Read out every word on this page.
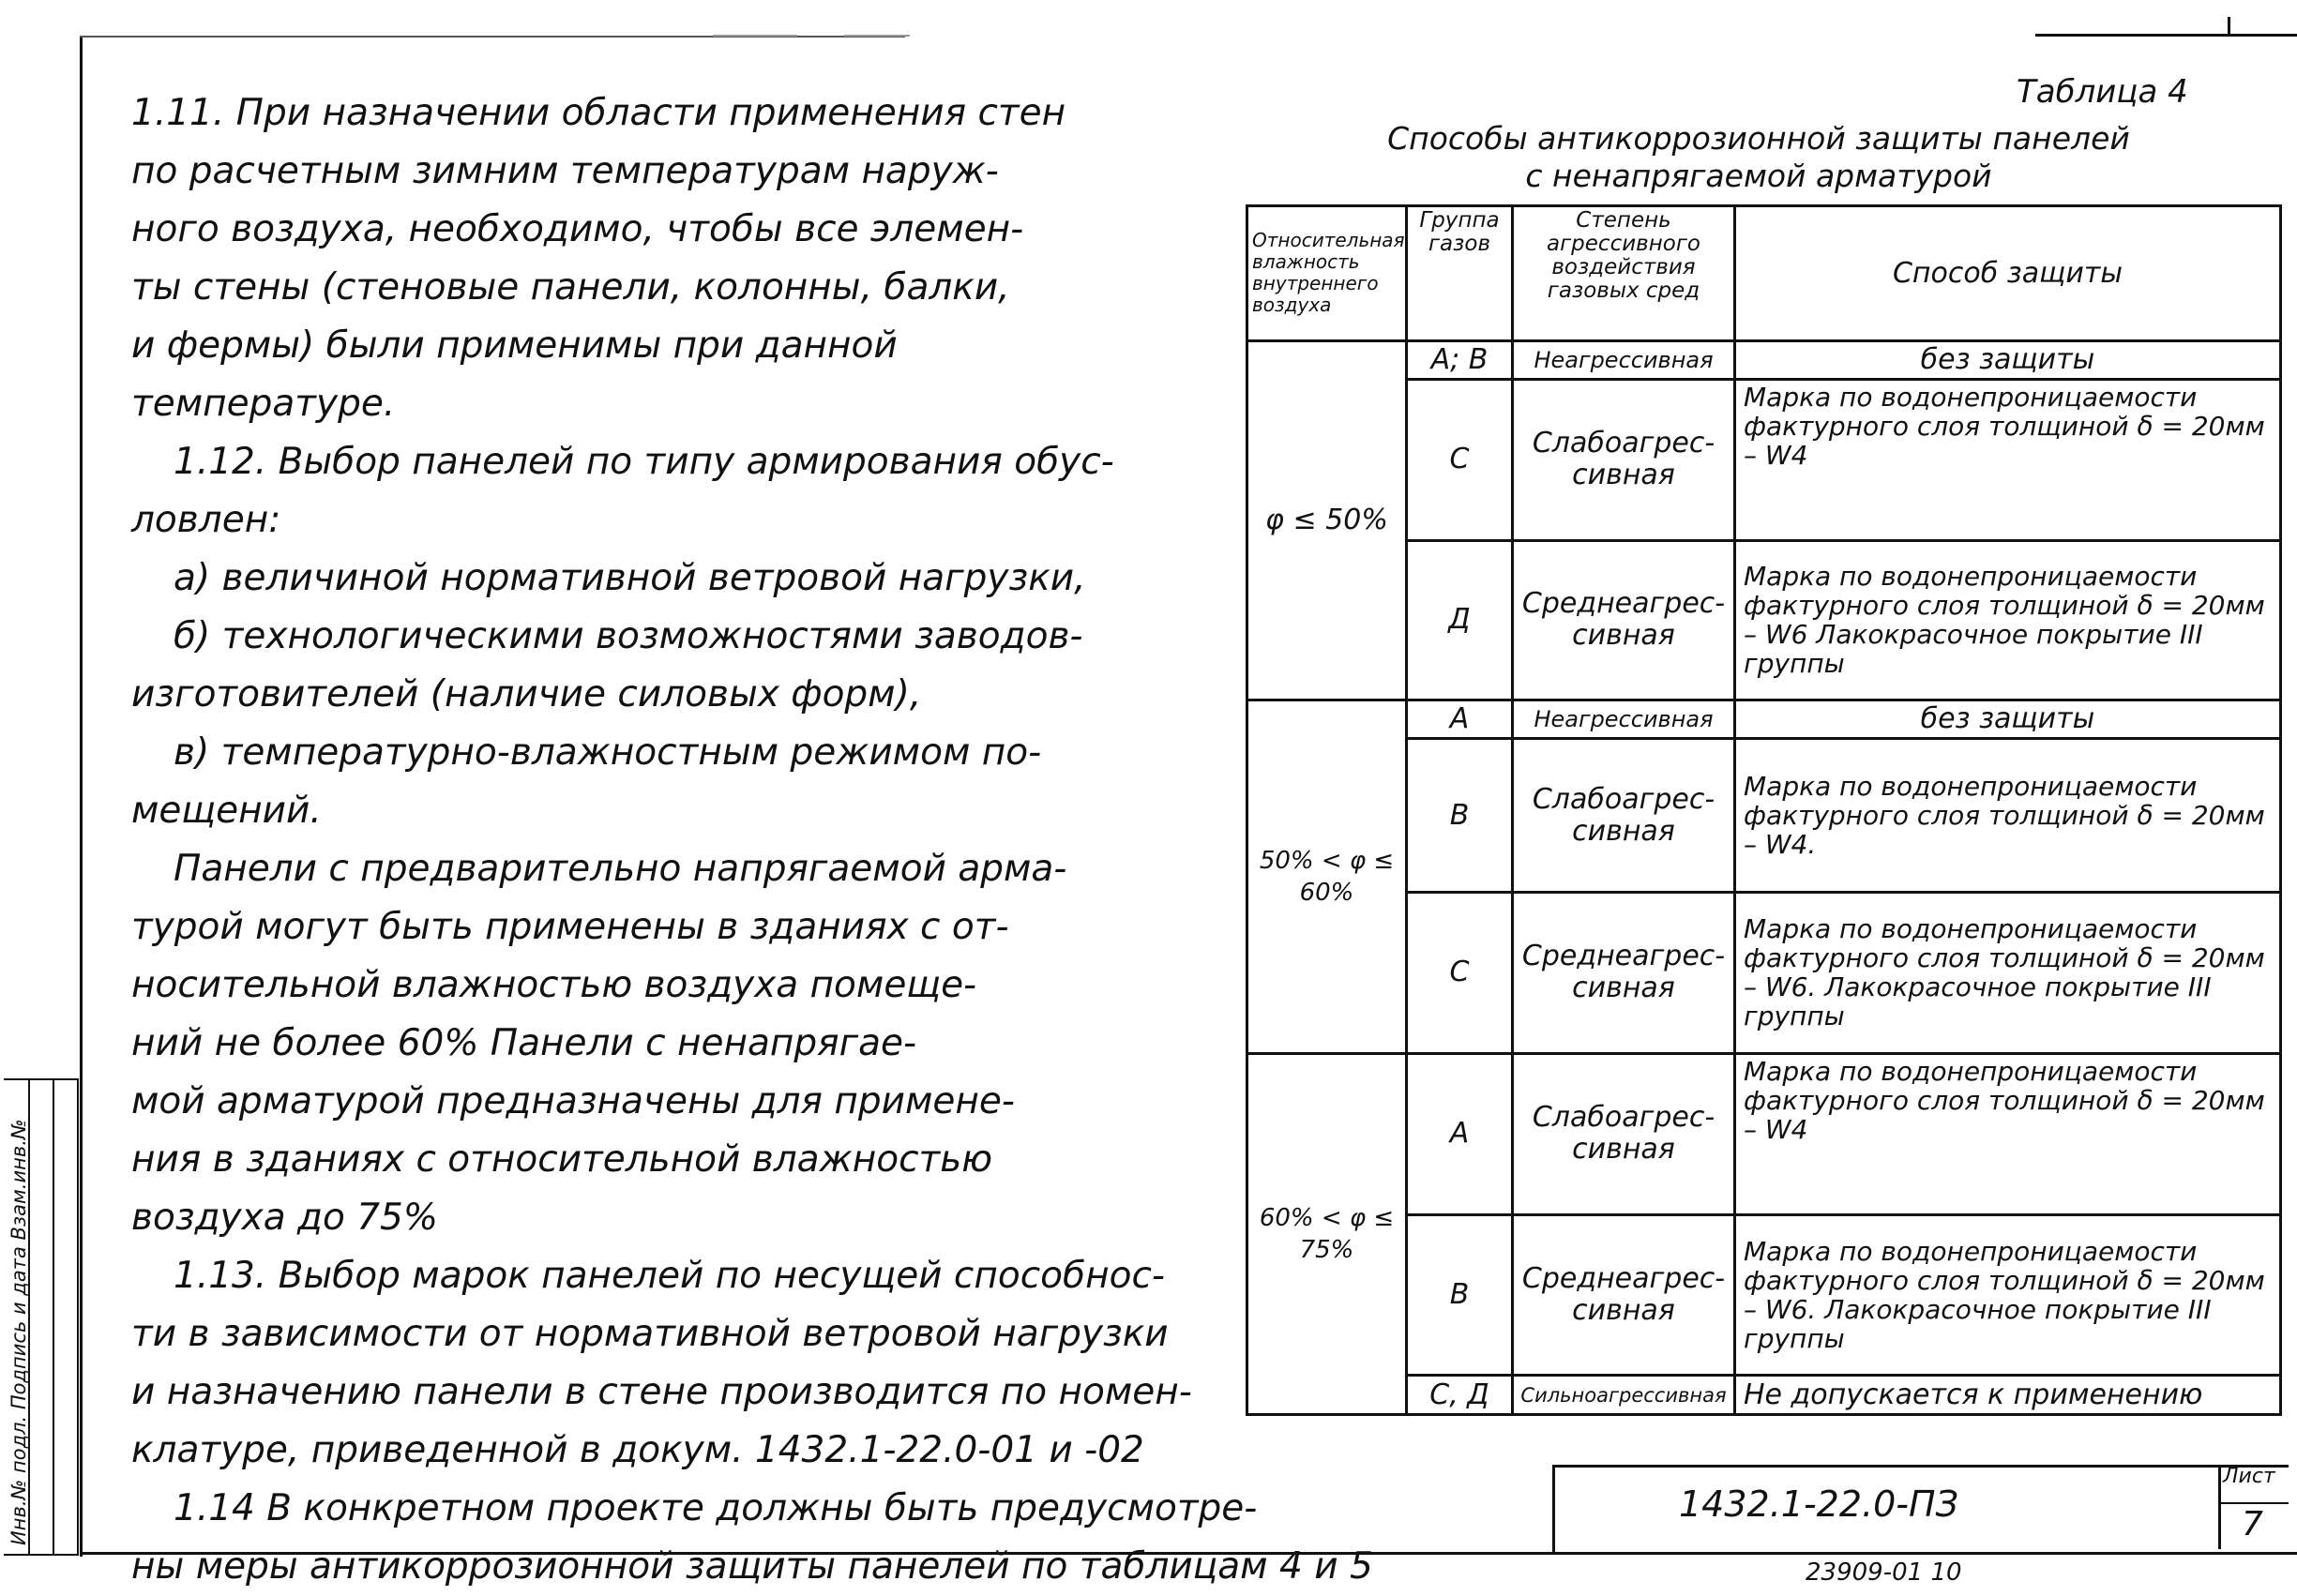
Инв.№ подл. Подпись и дата Взам.инв.№

1.11. При назначении области применения стен
по расчетным зимним температурам наруж-
ного воздуха, необходимо, чтобы все элемен-
ты стены (стеновые панели, колонны, балки,
и фермы) были применимы при данной
температуре.

1.12. Выбор панелей по типу армирования обус-
ловлен:

а) величиной нормативной ветровой нагрузки,

б) технологическими возможностями заводов-
изготовителей (наличие силовых форм),

в) температурно-влажностным режимом по-
мещений.

Панели с предварительно напрягаемой арма-
турой могут быть применены в зданиях с от-
носительной влажностью воздуха помеще-
ний не более 60% Панели с ненапрягае-
мой арматурой предназначены для примене-
ния в зданиях с относительной влажностью
воздуха до 75%

1.13. Выбор марок панелей по несущей способнос-
ти в зависимости от нормативной ветровой нагрузки
и назначению панели в стене производится по номен-
клатуре, приведенной в докум. 1432.1-22.0-01 и -02

1.14 В конкретном проекте должны быть предусмотре-
ны меры антикоррозионной защиты панелей по таблицам 4 и 5

Таблица 4
Способы антикоррозионной защиты панелей
с ненапрягаемой арматурой
Относительная влажность внутреннего воздуха	Группа газов	Степень агрессивного воздействия газовых сред	Способ защиты
φ ≤ 50%	А; В	Неагрессивная	без защиты
	С	Слабоагрес-сивная	Марка по водонепроницаемости фактурного слоя толщиной δ = 20мм – W4
	Д	Среднеагрес-сивная	Марка по водонепроницаемости фактурного слоя толщиной δ = 20мм – W6 Лакокрасочное покрытие III группы
50% < φ ≤ 60%	А	Неагрессивная	без защиты
	В	Слабоагрес-сивная	Марка по водонепроницаемости фактурного слоя толщиной δ = 20мм – W4.
	С	Среднеагрес-сивная	Марка по водонепроницаемости фактурного слоя толщиной δ = 20мм – W6. Лакокрасочное покрытие III группы
60% < φ ≤ 75%	А	Слабоагрес-сивная	Марка по водонепроницаемости фактурного слоя толщиной δ = 20мм – W4
	В	Среднеагрес-сивная	Марка по водонепроницаемости фактурного слоя толщиной δ = 20мм – W6. Лакокрасочное покрытие III группы
	С, Д	Сильноагрессивная	Не допускается к применению
1432.1-22.0-ПЗ
Лист
7
23909-01 10
